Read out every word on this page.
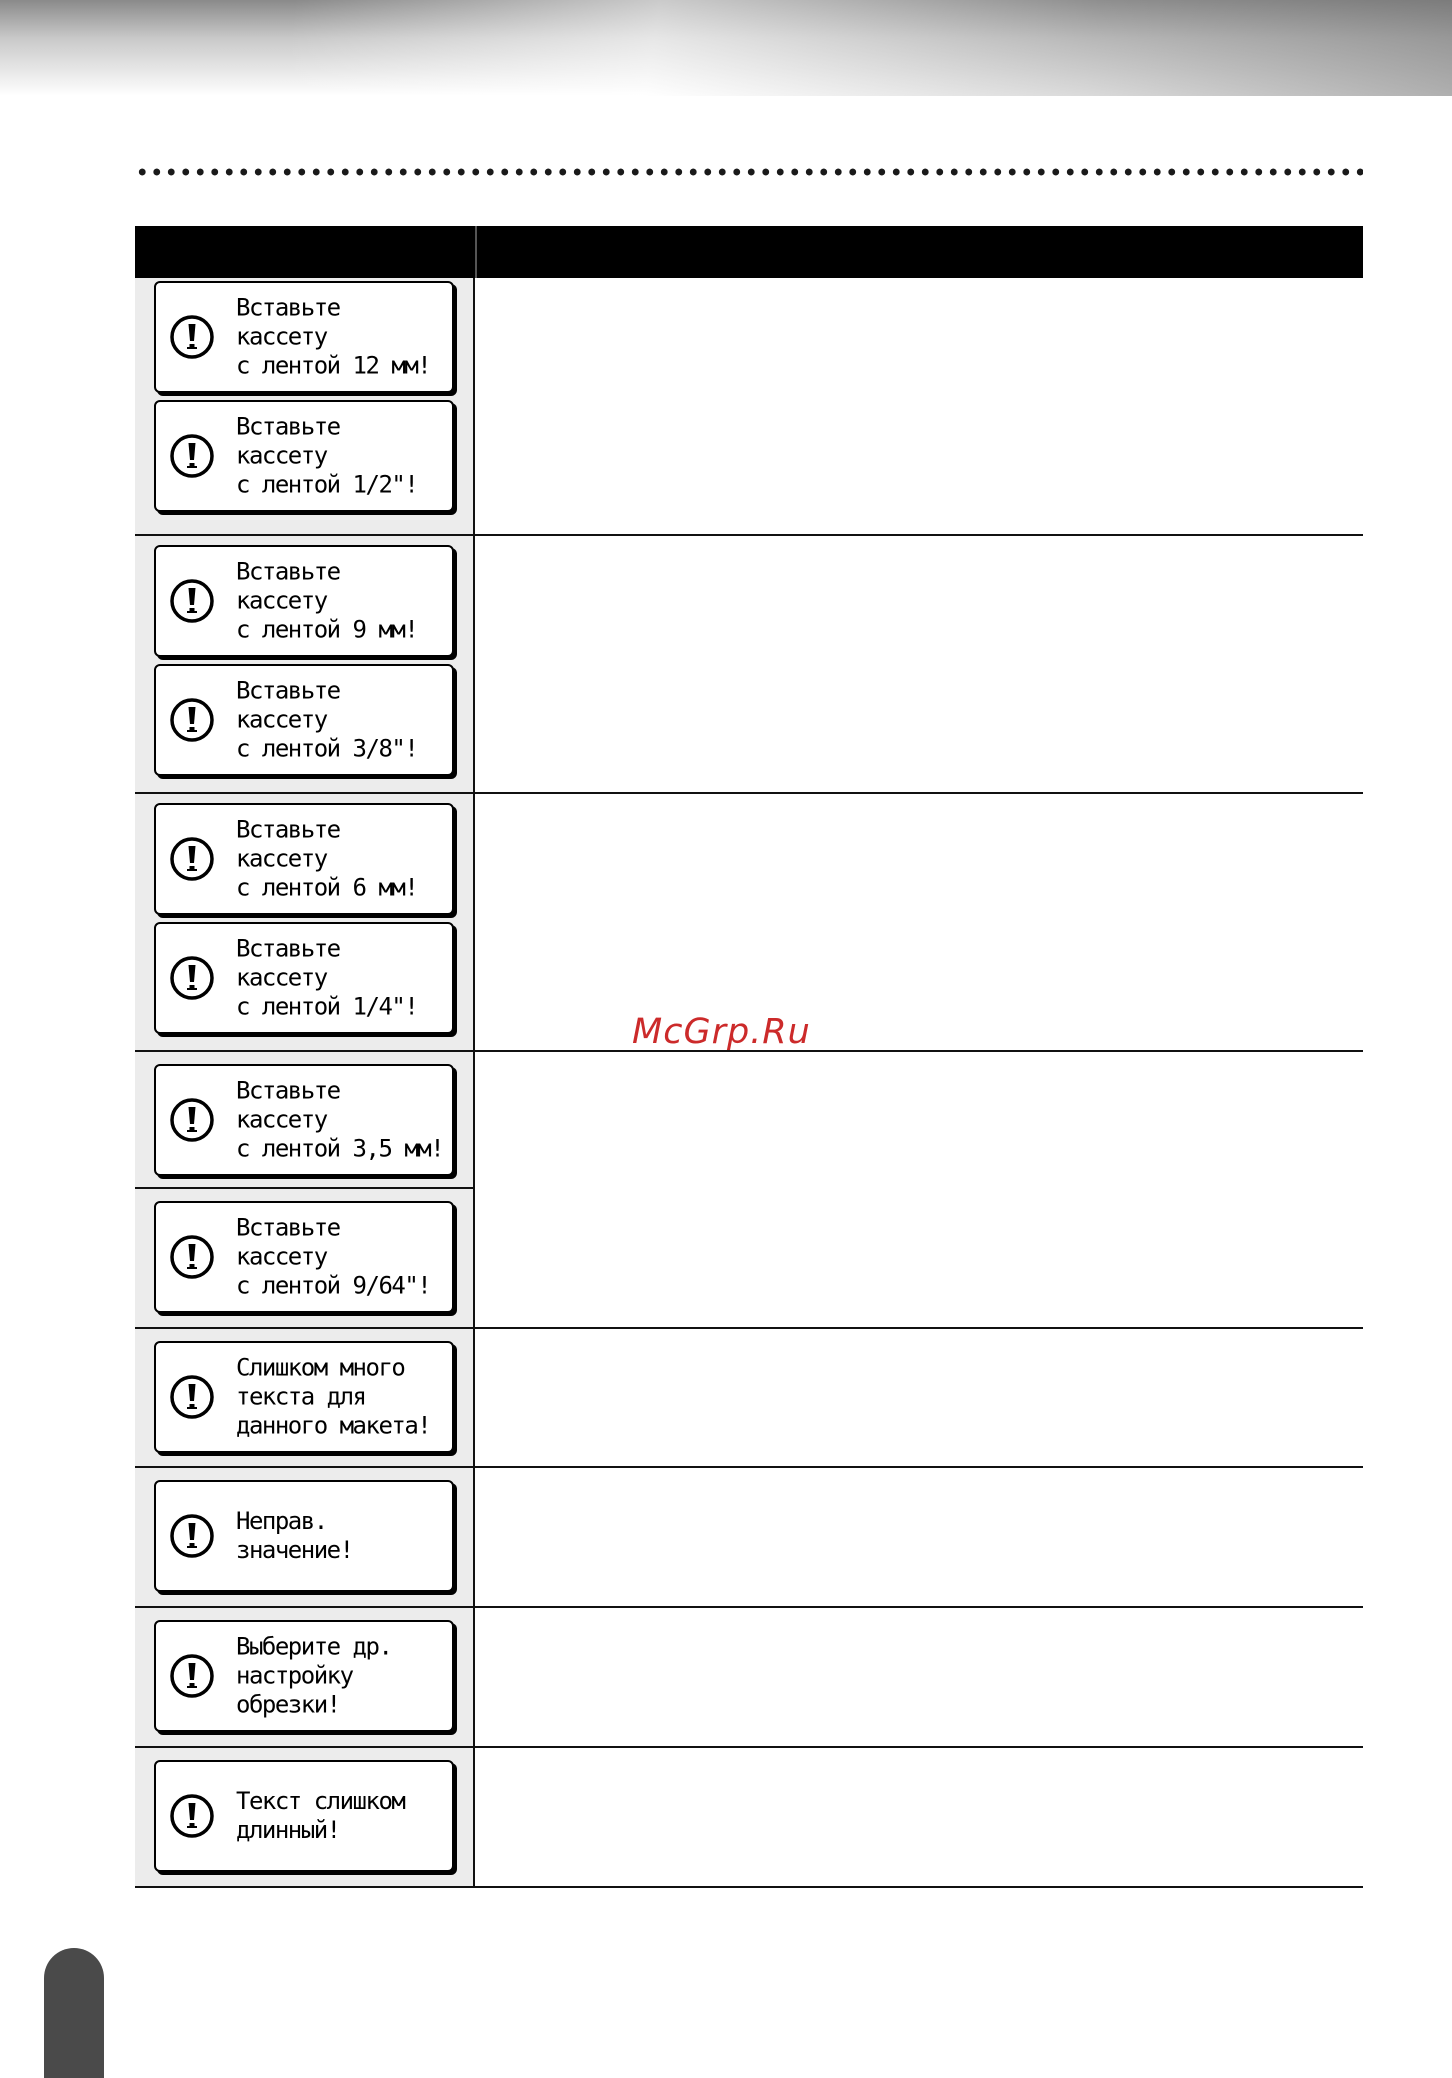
Вставьте
кассету
с лентой 12 мм!
Вставьте
кассету
с лентой 1/2"!
Вставьте
кассету
с лентой 9 мм!
Вставьте
кассету
с лентой 3/8"!
Вставьте
кассету
с лентой 6 мм!
Вставьте
кассету
с лентой 1/4"!
Вставьте
кассету
с лентой 3,5 мм!
Вставьте
кассету
с лентой 9/64"!
Слишком много
текста для
данного макета!
Неправ.
значение!
Выберите др.
настройку
обрезки!
Текст слишком
длинный!
McGrp.Ru
